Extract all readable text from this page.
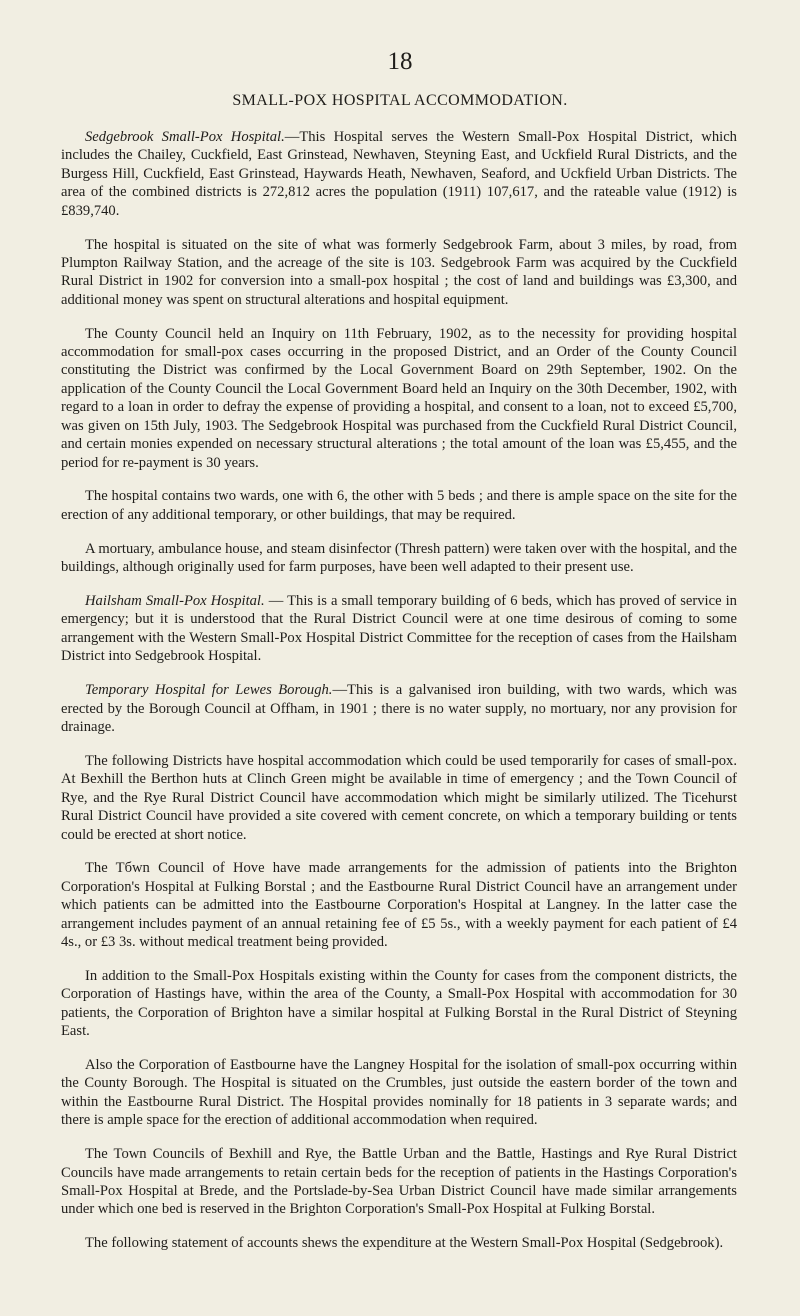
18
SMALL-POX HOSPITAL ACCOMMODATION.

Sedgebrook Small-Pox Hospital.—This Hospital serves the Western Small-Pox Hospital District, which includes the Chailey, Cuckfield, East Grinstead, Newhaven, Steyning East, and Uckfield Rural Districts, and the Burgess Hill, Cuckfield, East Grinstead, Haywards Heath, Newhaven, Seaford, and Uckfield Urban Districts. The area of the combined districts is 272,812 acres the population (1911) 107,617, and the rateable value (1912) is £839,740.

The hospital is situated on the site of what was formerly Sedgebrook Farm, about 3 miles, by road, from Plumpton Railway Station, and the acreage of the site is 103. Sedgebrook Farm was acquired by the Cuckfield Rural District in 1902 for conversion into a small-pox hospital ; the cost of land and buildings was £3,300, and additional money was spent on structural alterations and hospital equipment.

The County Council held an Inquiry on 11th February, 1902, as to the necessity for providing hospital accommodation for small-pox cases occurring in the proposed District, and an Order of the County Council constituting the District was confirmed by the Local Government Board on 29th September, 1902. On the application of the County Council the Local Government Board held an Inquiry on the 30th December, 1902, with regard to a loan in order to defray the expense of providing a hospital, and consent to a loan, not to exceed £5,700, was given on 15th July, 1903. The Sedgebrook Hospital was purchased from the Cuckfield Rural District Council, and certain monies expended on necessary structural alterations ; the total amount of the loan was £5,455, and the period for re-payment is 30 years.

The hospital contains two wards, one with 6, the other with 5 beds ; and there is ample space on the site for the erection of any additional temporary, or other buildings, that may be required.

A mortuary, ambulance house, and steam disinfector (Thresh pattern) were taken over with the hospital, and the buildings, although originally used for farm purposes, have been well adapted to their present use.

Hailsham Small-Pox Hospital. — This is a small temporary building of 6 beds, which has proved of service in emergency; but it is understood that the Rural District Council were at one time desirous of coming to some arrangement with the Western Small-Pox Hospital District Committee for the reception of cases from the Hailsham District into Sedgebrook Hospital.

Temporary Hospital for Lewes Borough.—This is a galvanised iron building, with two wards, which was erected by the Borough Council at Offham, in 1901 ; there is no water supply, no mortuary, nor any provision for drainage.

The following Districts have hospital accommodation which could be used temporarily for cases of small-pox. At Bexhill the Berthon huts at Clinch Green might be available in time of emergency ; and the Town Council of Rye, and the Rye Rural District Council have accommodation which might be similarly utilized. The Ticehurst Rural District Council have provided a site covered with cement concrete, on which a temporary building or tents could be erected at short notice.

The Tбwn Council of Hove have made arrangements for the admission of patients into the Brighton Corporation's Hospital at Fulking Borstal ; and the Eastbourne Rural District Council have an arrangement under which patients can be admitted into the Eastbourne Corporation's Hospital at Langney. In the latter case the arrangement includes payment of an annual retaining fee of £5 5s., with a weekly payment for each patient of £4 4s., or £3 3s. without medical treatment being provided.

In addition to the Small-Pox Hospitals existing within the County for cases from the component districts, the Corporation of Hastings have, within the area of the County, a Small-Pox Hospital with accommodation for 30 patients, the Corporation of Brighton have a similar hospital at Fulking Borstal in the Rural District of Steyning East.

Also the Corporation of Eastbourne have the Langney Hospital for the isolation of small-pox occurring within the County Borough. The Hospital is situated on the Crumbles, just outside the eastern border of the town and within the Eastbourne Rural District. The Hospital provides nominally for 18 patients in 3 separate wards; and there is ample space for the erection of additional accommodation when required.

The Town Councils of Bexhill and Rye, the Battle Urban and the Battle, Hastings and Rye Rural District Councils have made arrangements to retain certain beds for the reception of patients in the Hastings Corporation's Small-Pox Hospital at Brede, and the Portslade-by-Sea Urban District Council have made similar arrangements under which one bed is reserved in the Brighton Corporation's Small-Pox Hospital at Fulking Borstal.

The following statement of accounts shews the expenditure at the Western Small-Pox Hospital (Sedgebrook).
